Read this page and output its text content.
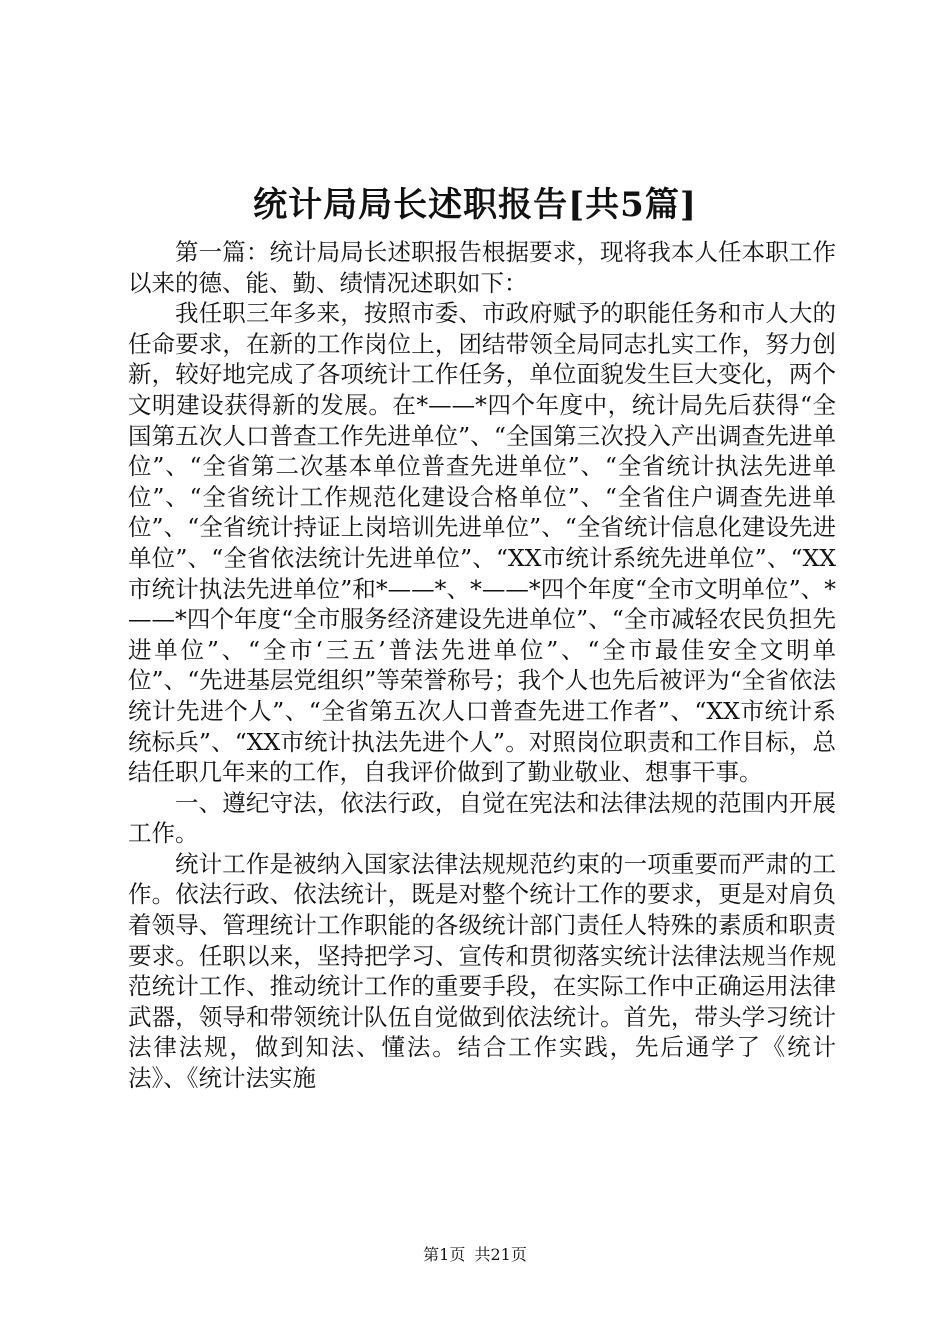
统计局局长述职报告[共5篇]

第一篇：统计局局长述职报告根据要求，现将我本人任本职工作以来的德、能、勤、绩情况述职如下：

我任职三年多来，按照市委、市政府赋予的职能任务和市人大的任命要求，在新的工作岗位上，团结带领全局同志扎实工作，努力创新，较好地完成了各项统计工作任务，单位面貌发生巨大变化，两个文明建设获得新的发展。在*——*四个年度中，统计局先后获得“全国第五次人口普查工作先进单位”、“全国第三次投入产出调查先进单位”、“全省第二次基本单位普查先进单位”、“全省统计执法先进单位”、“全省统计工作规范化建设合格单位”、“全省住户调查先进单位”、“全省统计持证上岗培训先进单位”、“全省统计信息化建设先进单位”、“全省依法统计先进单位”、“XX市统计系统先进单位”、“XX市统计执法先进单位”和*——*、*——*四个年度“全市文明单位”、*——*四个年度“全市服务经济建设先进单位”、“全市减轻农民负担先进单位”、“全市‘三五’普法先进单位”、“全市最佳安全文明单位”、“先进基层党组织”等荣誉称号；我个人也先后被评为“全省依法统计先进个人”、“全省第五次人口普查先进工作者”、“XX市统计系统标兵”、“XX市统计执法先进个人”。对照岗位职责和工作目标，总结任职几年来的工作，自我评价做到了勤业敬业、想事干事。

一、遵纪守法，依法行政，自觉在宪法和法律法规的范围内开展工作。

统计工作是被纳入国家法律法规规范约束的一项重要而严肃的工作。依法行政、依法统计，既是对整个统计工作的要求，更是对肩负着领导、管理统计工作职能的各级统计部门责任人特殊的素质和职责要求。任职以来，坚持把学习、宣传和贯彻落实统计法律法规当作规范统计工作、推动统计工作的重要手段，在实际工作中正确运用法律武器，领导和带领统计队伍自觉做到依法统计。首先，带头学习统计法律法规，做到知法、懂法。结合工作实践，先后通学了《统计法》、《统计法实施

第1页 共21页
